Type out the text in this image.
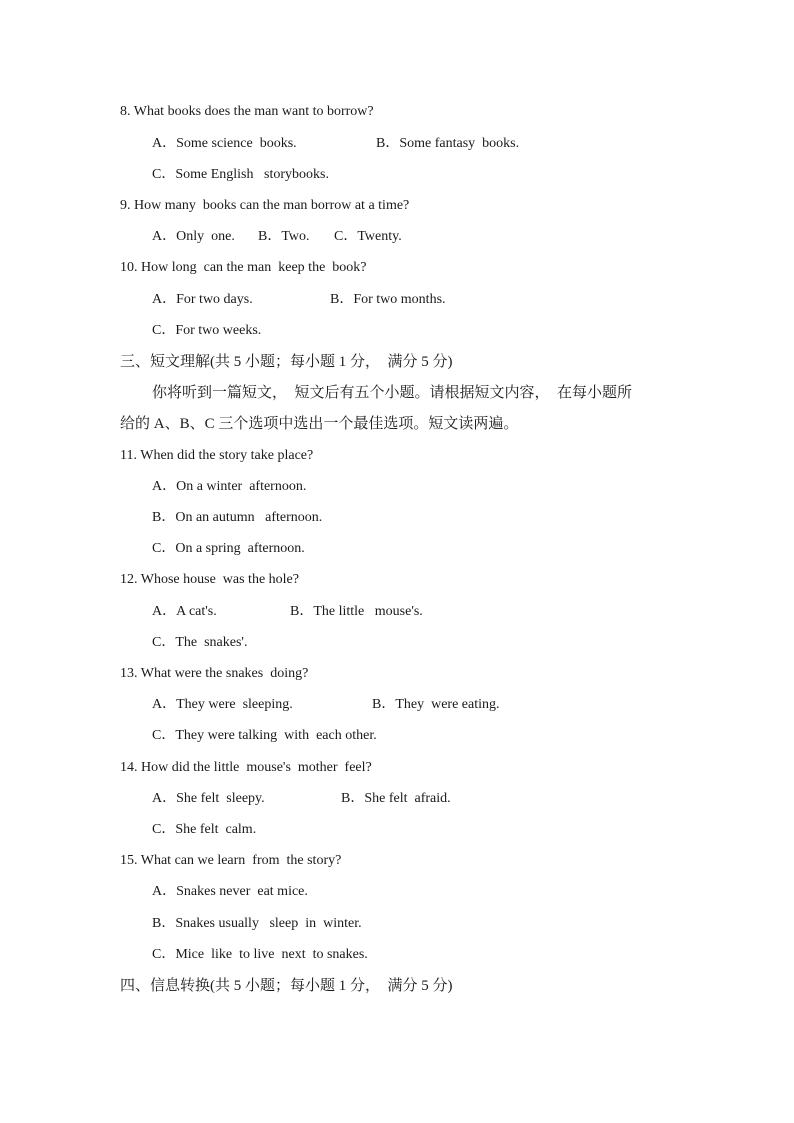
8. What books does the man want to borrow?
A．Some science  books.	B．Some fantasy  books.
C．Some English   storybooks.
9. How many  books can the man borrow at a time?
A．Only  one. B．Two. C．Twenty.
10. How long  can the man  keep the  book?
A．For two days.	B．For two months.
C．For two weeks.
三、短文理解(共 5 小题；每小题 1 分，  满分 5 分)
你将听到一篇短文，  短文后有五个小题。请根据短文内容，  在每小题所
给的 A、B、C 三个选项中选出一个最佳选项。短文读两遍。
11. When did the story take place?
A．On a winter  afternoon.
B．On an autumn   afternoon.
C．On a spring  afternoon.
12. Whose house  was the hole?
A．A cat's.	B．The little   mouse's.
C．The  snakes'.
13. What were the snakes  doing?
A．They were  sleeping.	B．They  were eating.
C．They were talking  with  each other.
14. How did the little  mouse's  mother  feel?
A．She felt  sleepy.	B．She felt  afraid.
C．She felt  calm.
15. What can we learn  from  the story?
A．Snakes never  eat mice.
B．Snakes usually   sleep  in  winter.
C．Mice  like  to live  next  to snakes.
四、信息转换(共 5 小题；每小题 1 分，  满分 5 分)
